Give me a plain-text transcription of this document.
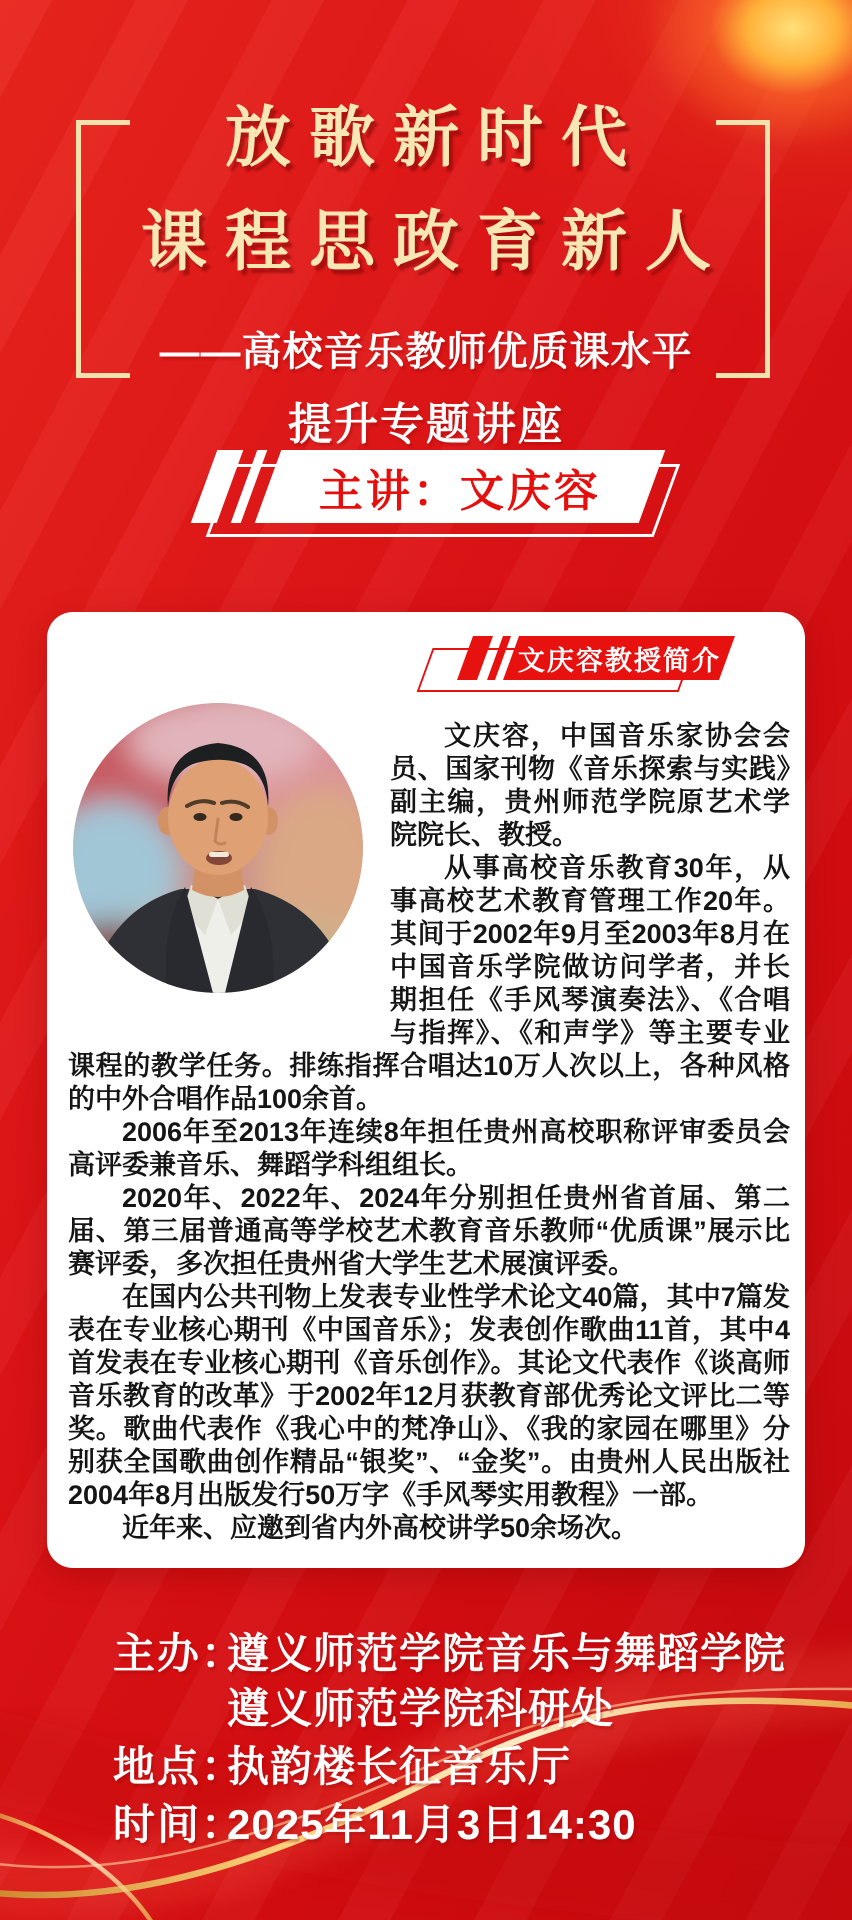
放歌新时代
课程思政育新人
——高校音乐教师优质课水平
提升专题讲座
主讲：文庆容
文庆容教授简介

文庆容，中国音乐家协会会员、国家刊物《音乐探索与实践》副主编，贵州师范学院原艺术学院院长、教授。

从事高校音乐教育30年，从事高校艺术教育管理工作20年。其间于2002年9月至2003年8月在中国音乐学院做访问学者，并长期担任《手风琴演奏法》、《合唱与指挥》、《和声学》等主要专业课程的教学任务。排练指挥合唱达10万人次以上，各种风格的中外合唱作品100余首。

2006年至2013年连续8年担任贵州高校职称评审委员会高评委兼音乐、舞蹈学科组组长。

2020年、2022年、2024年分别担任贵州省首届、第二届、第三届普通高等学校艺术教育音乐教师“优质课”展示比赛评委，多次担任贵州省大学生艺术展演评委。

在国内公共刊物上发表专业性学术论文40篇，其中7篇发表在专业核心期刊《中国音乐》；发表创作歌曲11首，其中4首发表在专业核心期刊《音乐创作》。其论文代表作《谈高师音乐教育的改革》于2002年12月获教育部优秀论文评比二等奖。歌曲代表作《我心中的梵净山》、《我的家园在哪里》分别获全国歌曲创作精品“银奖”、“金奖”。由贵州人民出版社2004年8月出版发行50万字《手风琴实用教程》一部。

近年来、应邀到省内外高校讲学50余场次。

主办：
遵义师范学院音乐与舞蹈学院
遵义师范学院科研处
地点：
执韵楼长征音乐厅
时间：
2025年11月3日14:30
